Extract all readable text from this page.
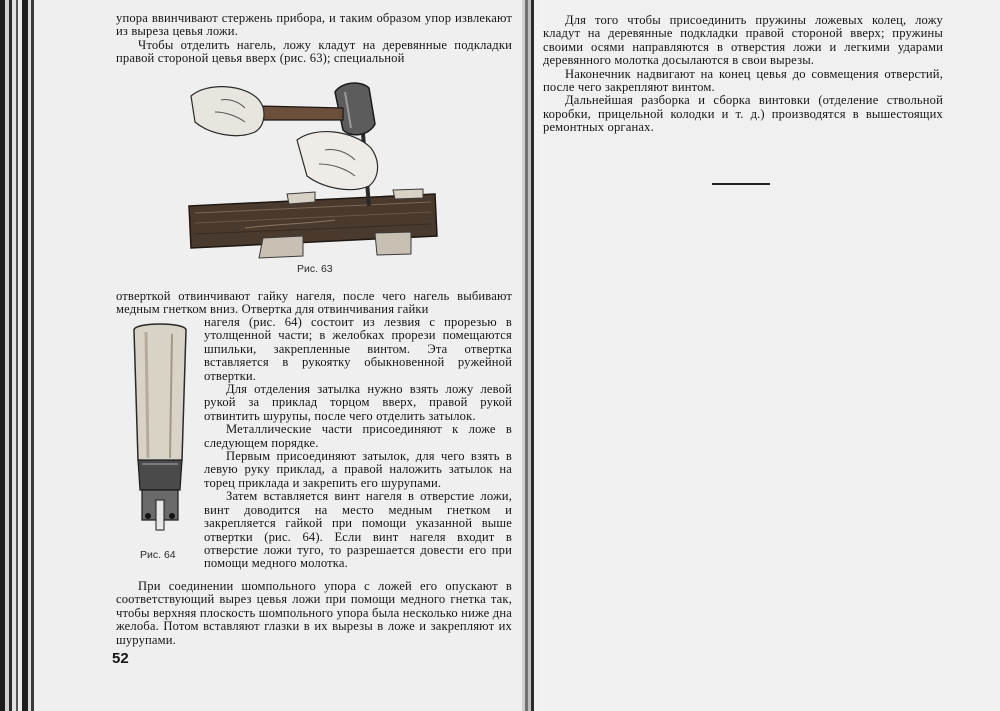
упора ввинчивают стержень прибора, и таким образом упор извлекают из выреза цевья ложи.

Чтобы отделить нагель, ложу кладут на деревянные подкладки правой стороной цевья вверх (рис. 63); специальной

Рис. 63

отверткой отвинчивают гайку нагеля, после чего нагель выбивают медным гнетком вниз. Отвертка для отвинчивания гайки

Рис. 64

нагеля (рис. 64) состоит из лезвия с прорезью в утолщенной части; в желобках прорези помещаются шпильки, закрепленные винтом. Эта отвертка вставляется в рукоятку обыкновенной ружейной отвертки.

Для отделения затылка нужно взять ложу левой рукой за приклад торцом вверх, правой рукой отвинтить шурупы, после чего отделить затылок.

Металлические части присоединяют к ложе в следующем порядке.

Первым присоединяют затылок, для чего взять в левую руку приклад, а правой наложить затылок на торец приклада и закрепить его шурупами.

Затем вставляется винт нагеля в отверстие ложи, винт доводится на место медным гнетком и закрепляется гайкой при помощи указанной выше отвертки (рис. 64). Если винт нагеля входит в отверстие ложи туго, то разрешается довести его при помощи медного молотка.

При соединении шомпольного упора с ложей его опускают в соответствующий вырез цевья ложи при помощи медного гнетка так, чтобы верхняя плоскость шомпольного упора была несколько ниже дна желоба. Потом вставляют глазки в их вырезы в ложе и закрепляют их шурупами.

52

Для того чтобы присоединить пружины ложевых колец, ложу кладут на деревянные подкладки правой стороной вверх; пружины своими осями направляются в отверстия ложи и легкими ударами деревянного молотка досылаются в свои вырезы.

Наконечник надвигают на конец цевья до совмещения отверстий, после чего закрепляют винтом.

Дальнейшая разборка и сборка винтовки (отделение ствольной коробки, прицельной колодки и т. д.) производятся в вышестоящих ремонтных органах.
